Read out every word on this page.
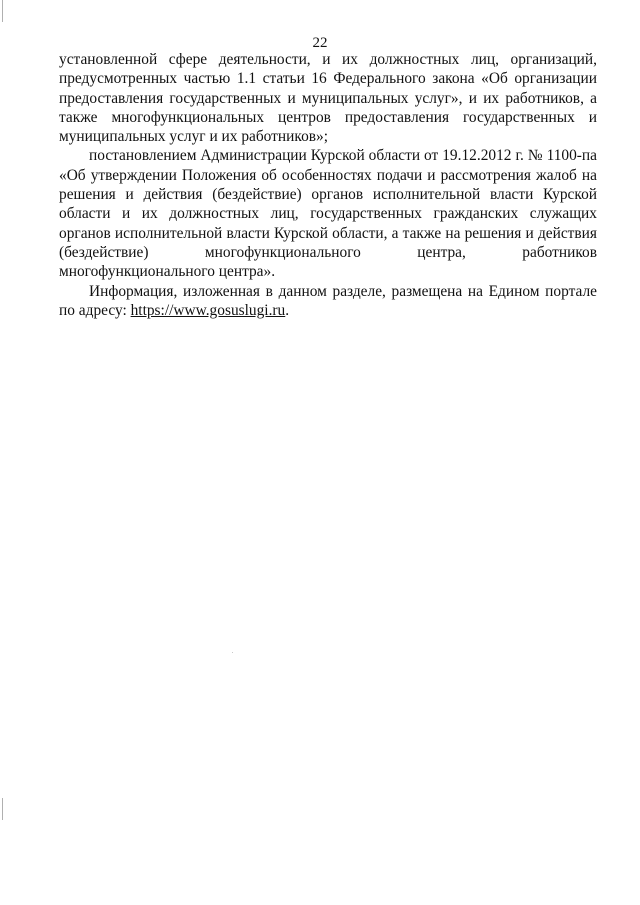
22

установленной сфере деятельности, и их должностных лиц, организаций, предусмотренных частью 1.1 статьи 16 Федерального закона «Об организации предоставления государственных и муниципальных услуг», и их работников, а также многофункциональных центров предоставления государственных и муниципальных услуг и их работников»;

постановлением Администрации Курской области от 19.12.2012 г. № 1100-па «Об утверждении Положения об особенностях подачи и рассмотрения жалоб на решения и действия (бездействие) органов исполнительной власти Курской области и их должностных лиц, государственных гражданских служащих органов исполнительной власти Курской области, а также на решения и действия (бездействие) многофункционального центра, работников многофункционального центра».

Информация, изложенная в данном разделе, размещена на Едином портале по адресу: https://www.gosuslugi.ru.
